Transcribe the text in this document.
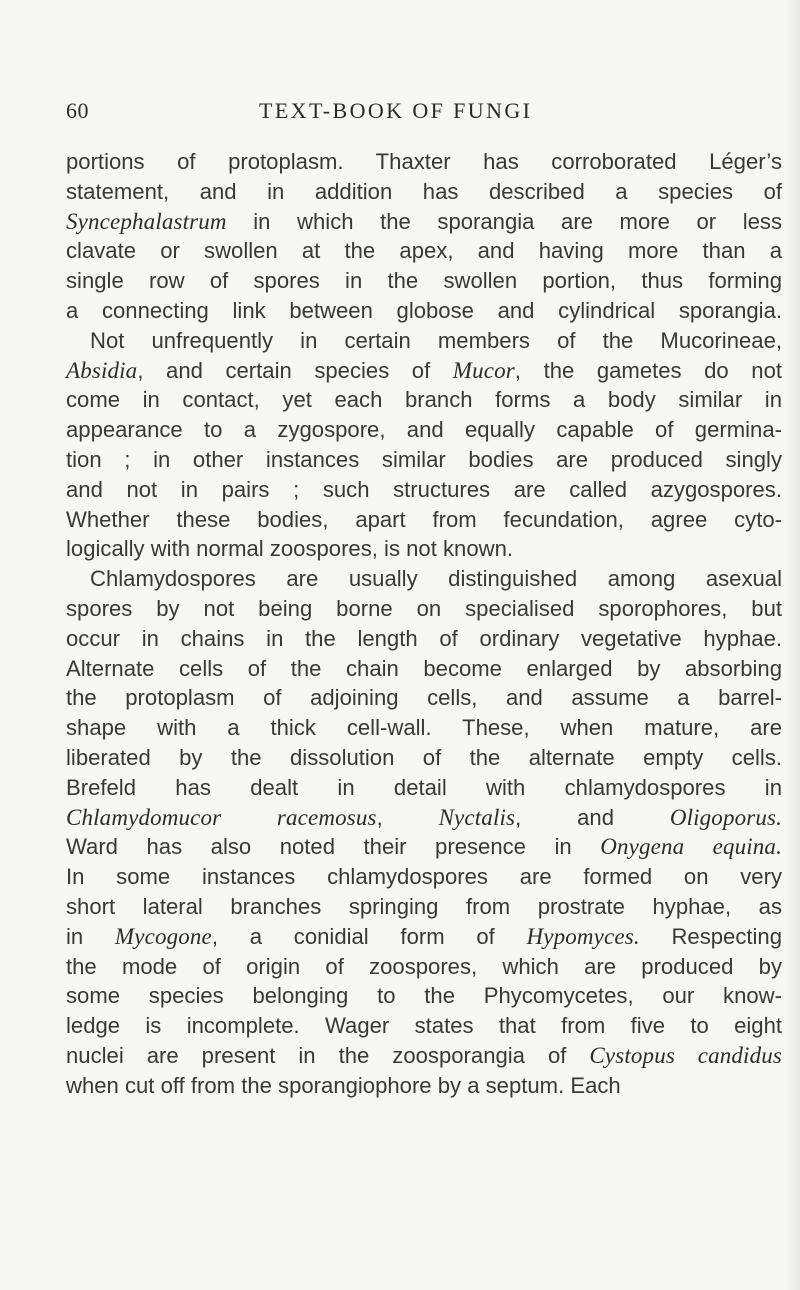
60	TEXT-BOOK OF FUNGI
portions of protoplasm. Thaxter has corroborated Léger’s
statement, and in addition has described a species of
Syncephalastrum in which the sporangia are more or less
clavate or swollen at the apex, and having more than a
single row of spores in the swollen portion, thus forming
a connecting link between globose and cylindrical sporangia.
Not unfrequently in certain members of the Mucorineae,
Absidia, and certain species of Mucor, the gametes do not
come in contact, yet each branch forms a body similar in
appearance to a zygospore, and equally capable of germina-
tion ; in other instances similar bodies are produced singly
and not in pairs ; such structures are called azygospores.
Whether these bodies, apart from fecundation, agree cyto-
logically with normal zoospores, is not known.
Chlamydospores are usually distinguished among asexual
spores by not being borne on specialised sporophores, but
occur in chains in the length of ordinary vegetative hyphae.
Alternate cells of the chain become enlarged by absorbing
the protoplasm of adjoining cells, and assume a barrel-
shape with a thick cell-wall. These, when mature, are
liberated by the dissolution of the alternate empty cells.
Brefeld has dealt in detail with chlamydospores in
Chlamydomucor racemosus, Nyctalis, and Oligoporus.
Ward has also noted their presence in Onygena equina.
In some instances chlamydospores are formed on very
short lateral branches springing from prostrate hyphae, as
in Mycogone, a conidial form of Hypomyces. Respecting
the mode of origin of zoospores, which are produced by
some species belonging to the Phycomycetes, our know-
ledge is incomplete. Wager states that from five to eight
nuclei are present in the zoosporangia of Cystopus candidus
when cut off from the sporangiophore by a septum. Each
